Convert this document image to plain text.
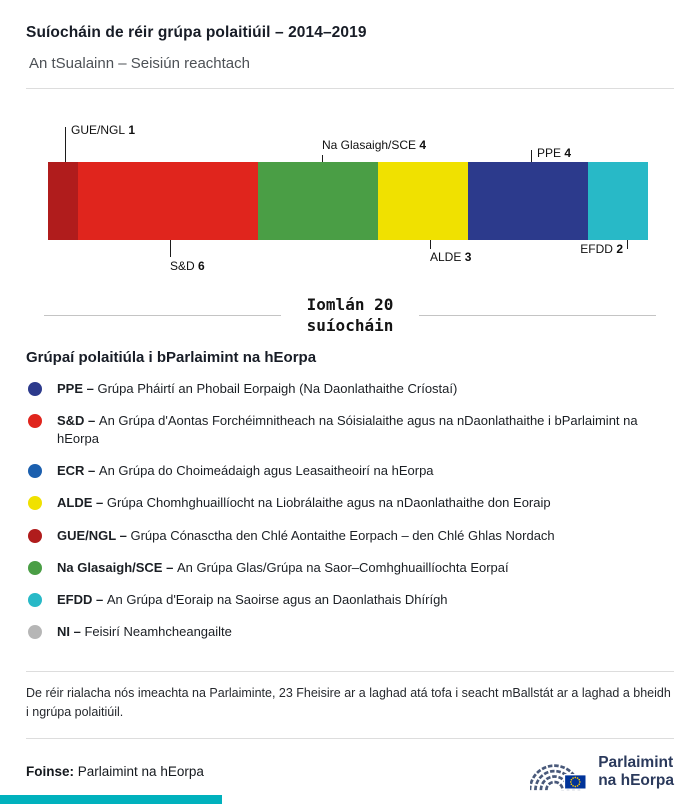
Suíocháin de réir grúpa polaitiúil – 2014–2019

An tSualainn – Seisiún reachtach

GUE/NGL 1
Na Glasaigh/SCE 4
PPE 4
S&D 6
ALDE 3
EFDD 2
Iomlán 20
suíocháin
Grúpaí polaitiúla i bParlaimint na hEorpa

PPE – Grúpa Pháirtí an Phobail Eorpaigh (Na Daonlathaithe Críostaí)

S&D – An Grúpa d'Aontas Forchéimnitheach na Sóisialaithe agus na nDaonlathaithe i bParlaimint na hEorpa

ECR – An Grúpa do Choimeádaigh agus Leasaitheoirí na hEorpa

ALDE – Grúpa Chomhghuaillíocht na Liobrálaithe agus na nDaonlathaithe don Eoraip

GUE/NGL – Grúpa Cónasctha den Chlé Aontaithe Eorpach – den Chlé Ghlas Nordach

Na Glasaigh/SCE – An Grúpa Glas/Grúpa na Saor–Comhghuaillíochta Eorpaí

EFDD – An Grúpa d'Eoraip na Saoirse agus an Daonlathais Dhírígh

NI – Feisirí Neamhcheangailte

De réir rialacha nós imeachta na Parlaiminte, 23 Fheisire ar a laghad atá tofa i seacht mBallstát ar a laghad a bheidh i ngrúpa polaitiúil.

Foinse: Parlaimint na hEorpa

Parlaimint
na hEorpa
